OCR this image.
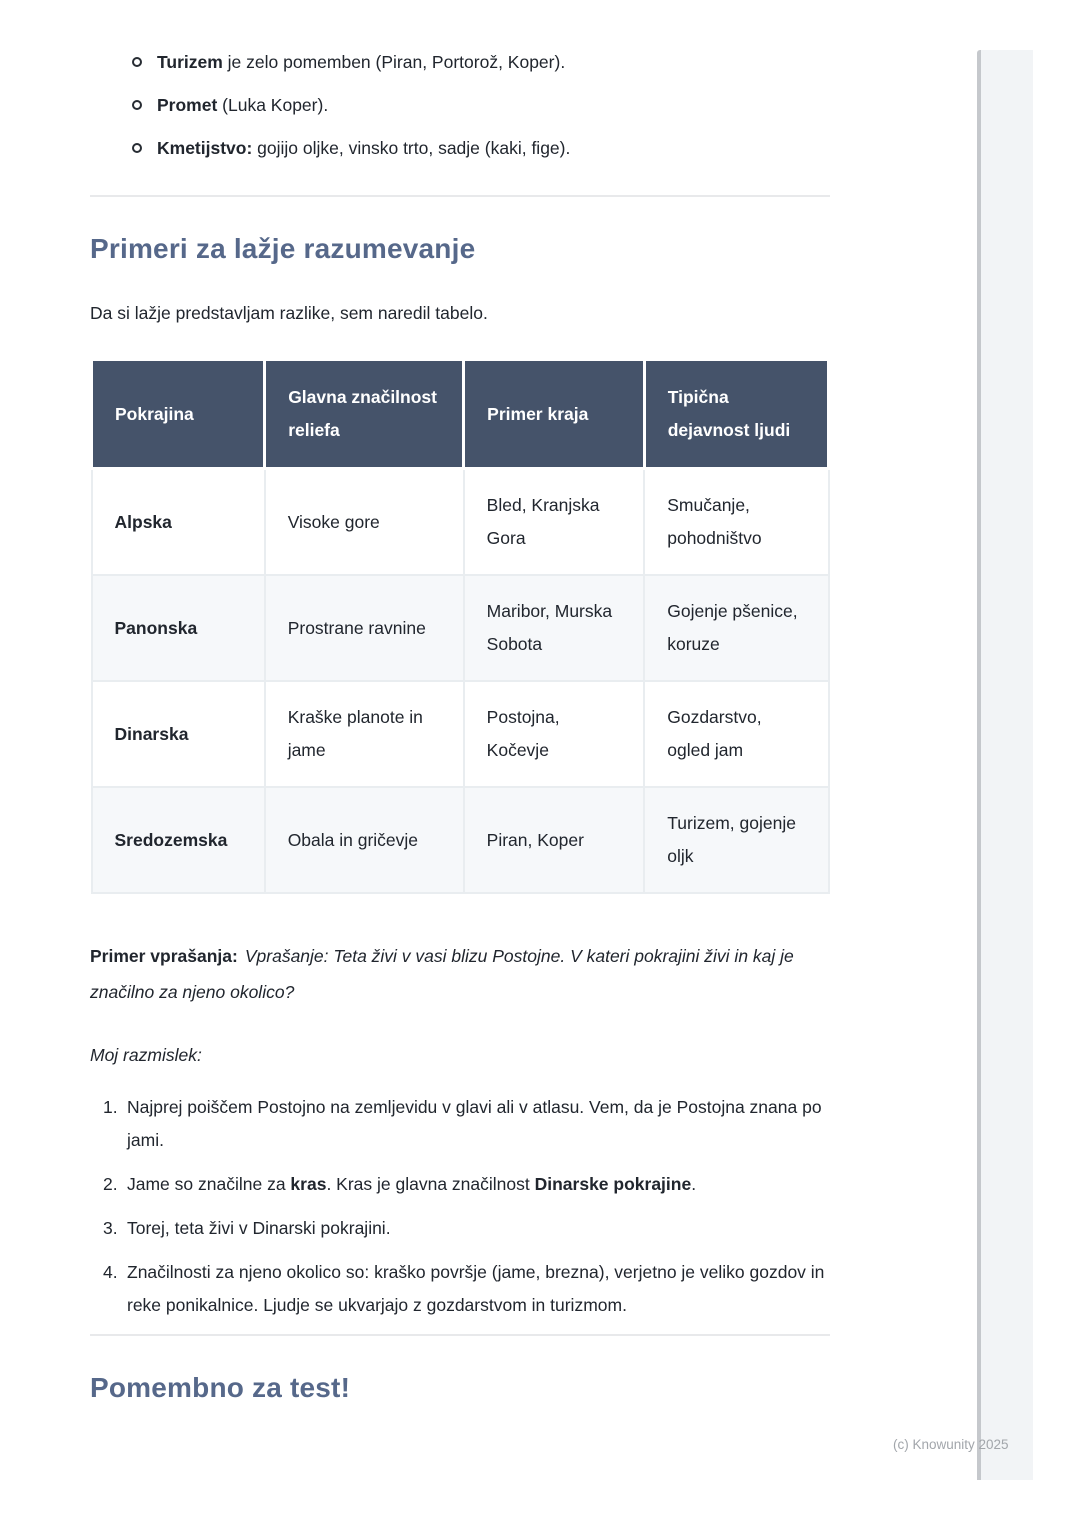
Turizem je zelo pomemben (Piran, Portorož, Koper).
Promet (Luka Koper).
Kmetijstvo: gojijo oljke, vinsko trto, sadje (kaki, fige).
Primeri za lažje razumevanje

Da si lažje predstavljam razlike, sem naredil tabelo.

Pokrajina	Glavna značilnost reliefa	Primer kraja	Tipična dejavnost ljudi
Alpska	Visoke gore	Bled, Kranjska Gora	Smučanje, pohodništvo
Panonska	Prostrane ravnine	Maribor, Murska Sobota	Gojenje pšenice, koruze
Dinarska	Kraške planote in jame	Postojna, Kočevje	Gozdarstvo, ogled jam
Sredozemska	Obala in gričevje	Piran, Koper	Turizem, gojenje oljk

Primer vprašanja: Vprašanje: Teta živi v vasi blizu Postojne. V kateri pokrajini živi in kaj je značilno za njeno okolico?

Moj razmislek:

1. Najprej poiščem Postojno na zemljevidu v glavi ali v atlasu. Vem, da je Postojna znana po jami.
2. Jame so značilne za kras. Kras je glavna značilnost Dinarske pokrajine.
3. Torej, teta živi v Dinarski pokrajini.
4. Značilnosti za njeno okolico so: kraško površje (jame, brezna), verjetno je veliko gozdov in reke ponikalnice. Ljudje se ukvarjajo z gozdarstvom in turizmom.
Pomembno za test!
(c) Knowunity 2025
